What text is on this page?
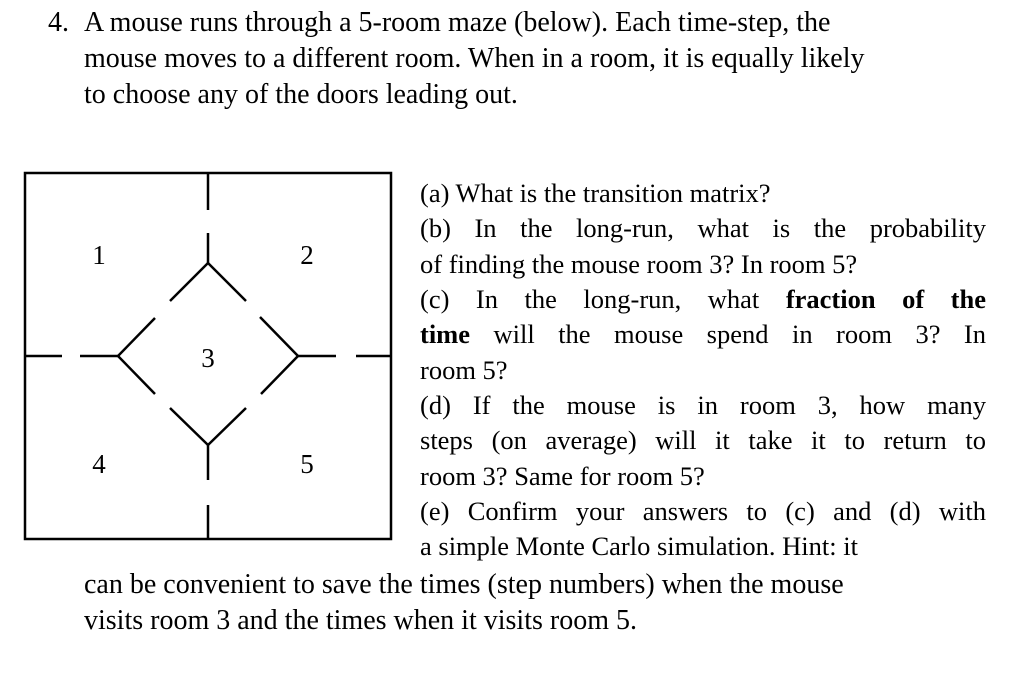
4. A mouse runs through a 5-room maze (below). Each time-step, the

mouse moves to a different room. When in a room, it is equally likely

to choose any of the doors leading out.

1	2
3
4	5

(a) What is the transition matrix?

(b) In the long-run, what is the probability

of finding the mouse room 3? In room 5?

(c) In the long-run, what fraction of the

time will the mouse spend in room 3? In

room 5?

(d) If the mouse is in room 3, how many

steps (on average) will it take it to return to

room 3? Same for room 5?

(e) Confirm your answers to (c) and (d) with

a simple Monte Carlo simulation. Hint: it

can be convenient to save the times (step numbers) when the mouse

visits room 3 and the times when it visits room 5.
